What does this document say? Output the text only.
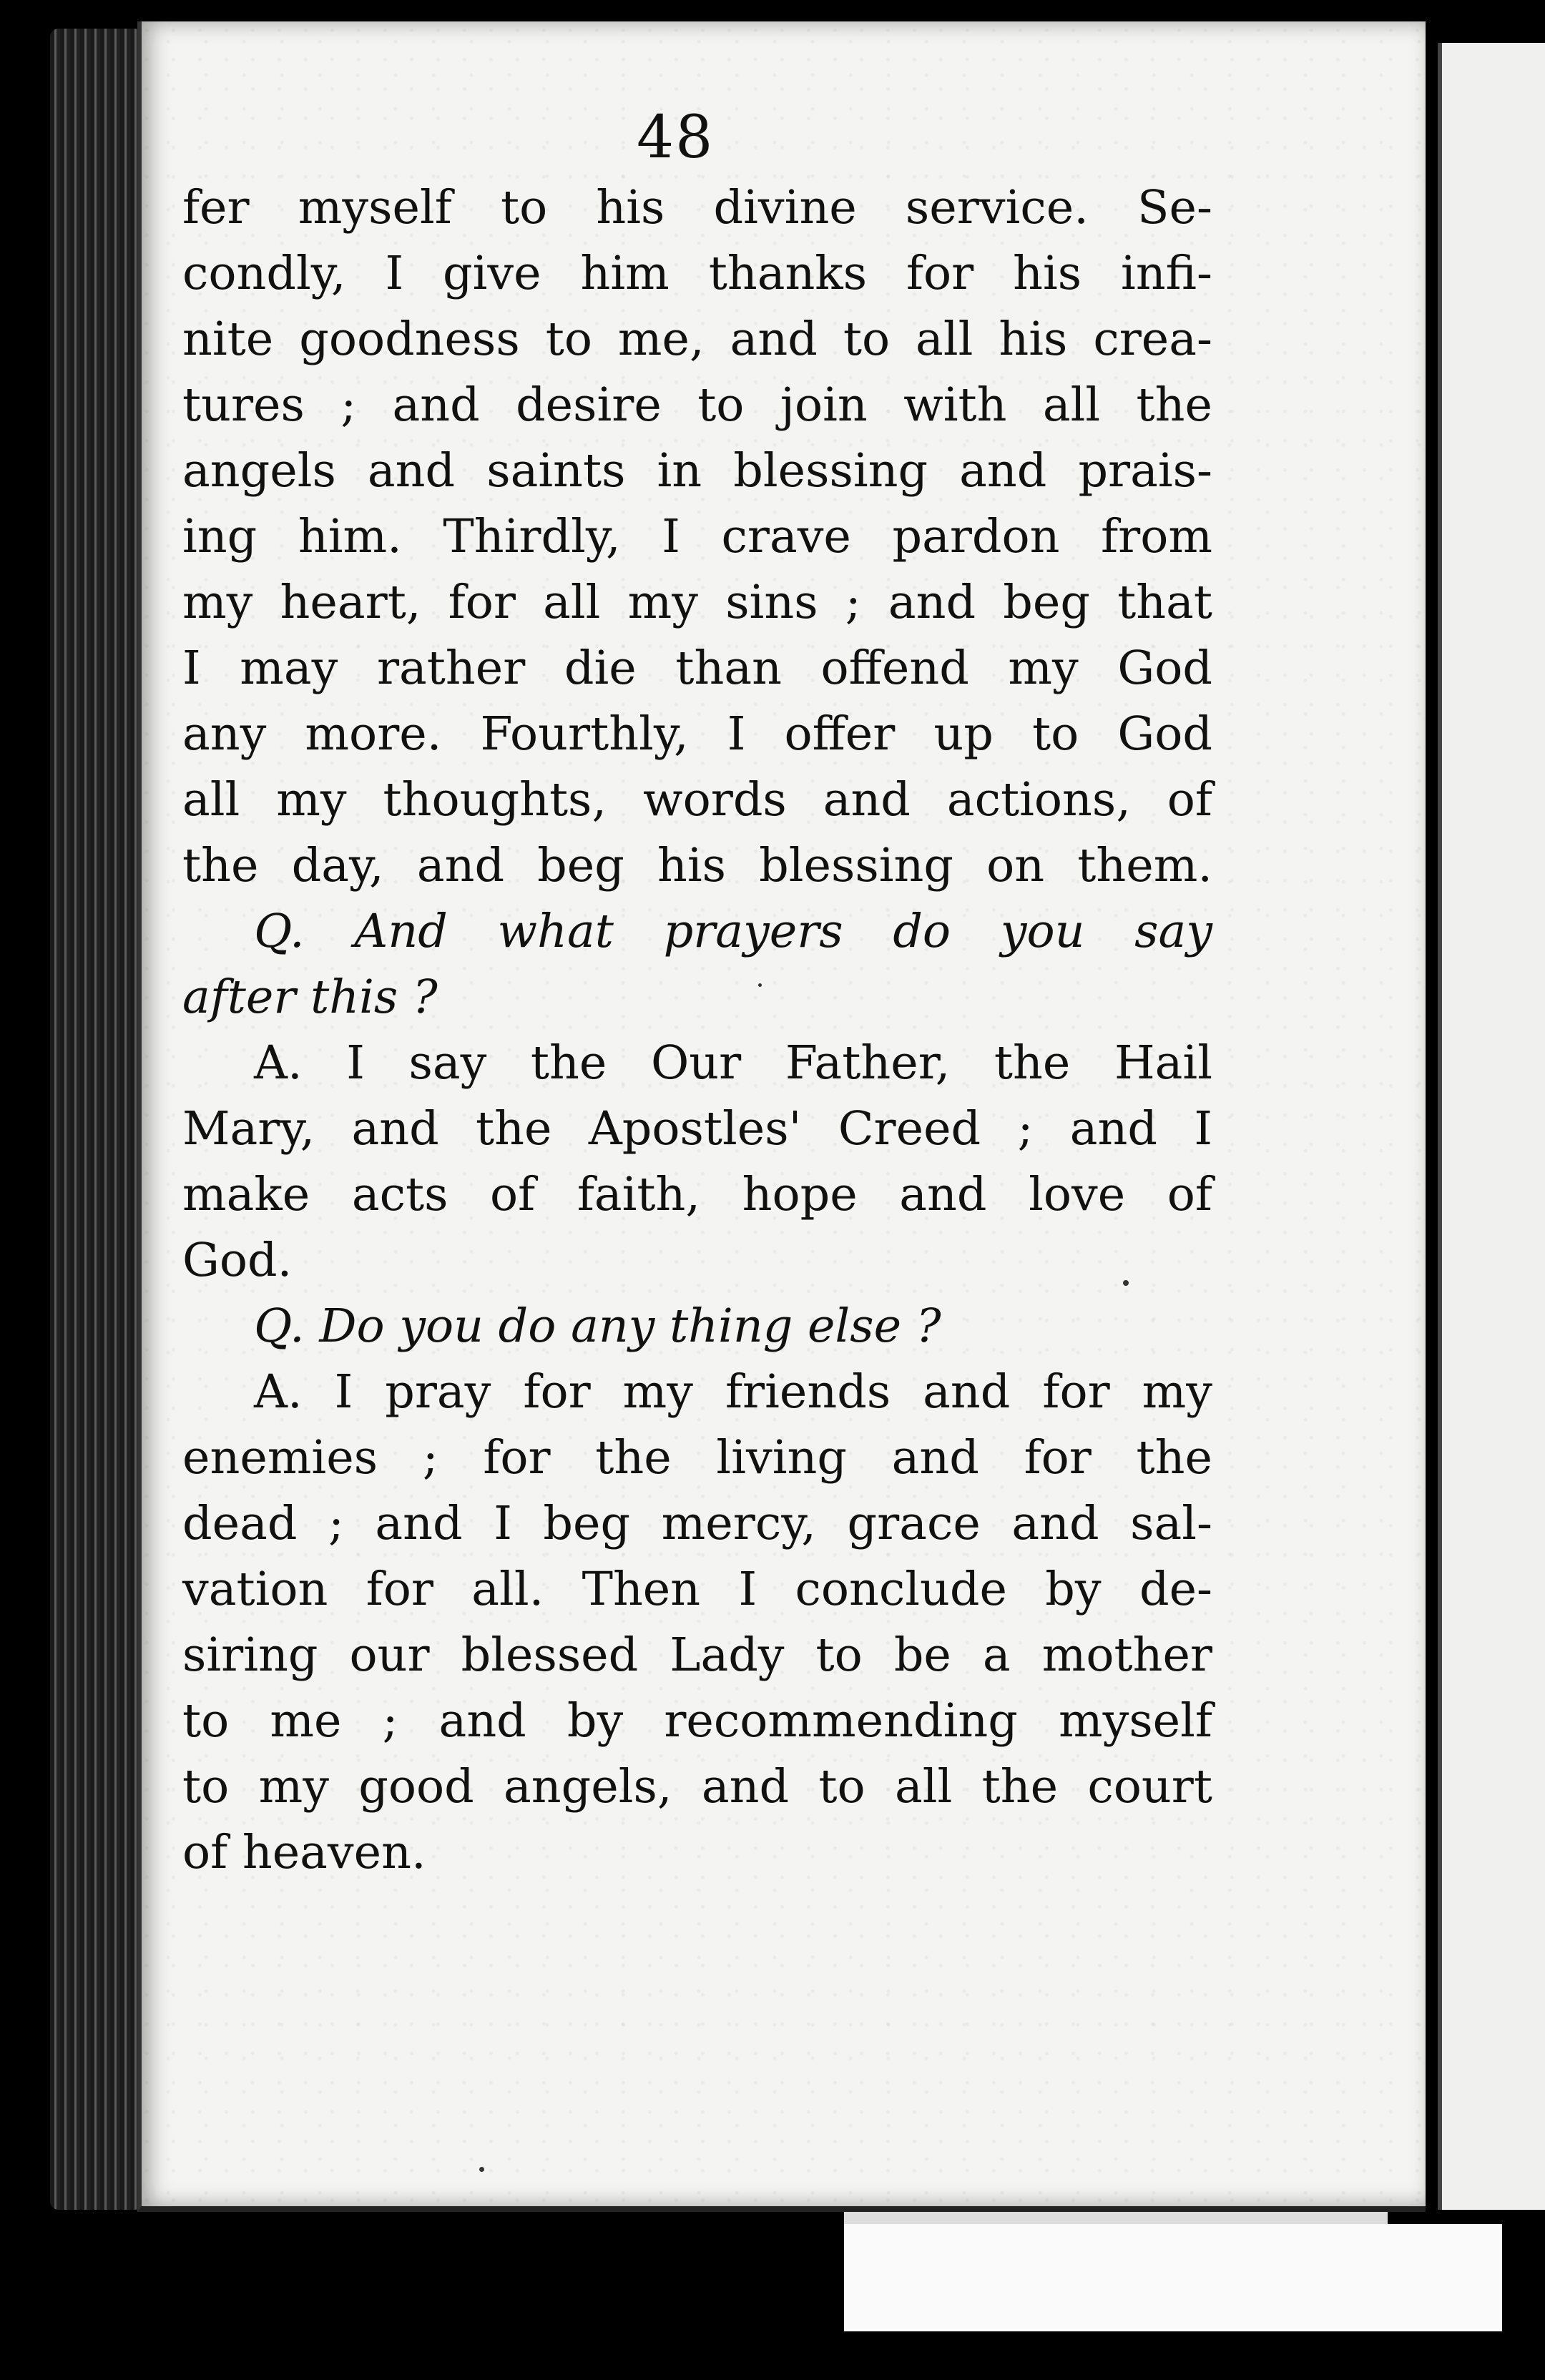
48
fer myself to his divine service. Se-
condly, I give him thanks for his infi-
nite goodness to me, and to all his crea-
tures ; and desire to join with all the
angels and saints in blessing and prais-
ing him. Thirdly, I crave pardon from
my heart, for all my sins ; and beg that
I may rather die than offend my God
any more. Fourthly, I offer up to God
all my thoughts, words and actions, of
the day, and beg his blessing on them.
Q. And what prayers do you say
after this ?
A. I say the Our Father, the Hail
Mary, and the Apostles' Creed ; and I
make acts of faith, hope and love of
God.
Q. Do you do any thing else ?
A. I pray for my friends and for my
enemies ; for the living and for the
dead ; and I beg mercy, grace and sal-
vation for all. Then I conclude by de-
siring our blessed Lady to be a mother
to me ; and by recommending myself
to my good angels, and to all the court
of heaven.
